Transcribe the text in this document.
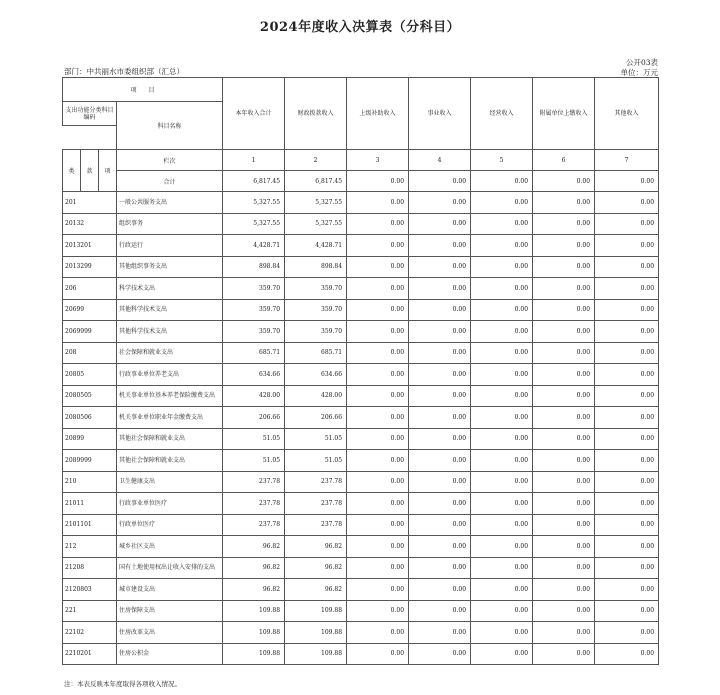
2024年度收入决算表（分科目）
公开03表
单位：万元
部门：中共丽水市委组织部（汇总）
项　　目				本年收入合计	财政拨款收入	上级补助收入	事业收入	经营收入	附属单位上缴收入	其他收入
支出功能分类科目编码			科目名称							

类	款	项	栏次	1	2	3	4	5	6	7
			合计	6,817.45	6,817.45	0.00	0.00	0.00	0.00	0.00
201			一般公共服务支出	5,327.55	5,327.55	0.00	0.00	0.00	0.00	0.00
20132			组织事务	5,327.55	5,327.55	0.00	0.00	0.00	0.00	0.00
2013201			行政运行	4,428.71	4,428.71	0.00	0.00	0.00	0.00	0.00
2013299			其他组织事务支出	898.84	898.84	0.00	0.00	0.00	0.00	0.00
206			科学技术支出	359.70	359.70	0.00	0.00	0.00	0.00	0.00
20699			其他科学技术支出	359.70	359.70	0.00	0.00	0.00	0.00	0.00
2069999			其他科学技术支出	359.70	359.70	0.00	0.00	0.00	0.00	0.00
208			社会保障和就业支出	685.71	685.71	0.00	0.00	0.00	0.00	0.00
20805			行政事业单位养老支出	634.66	634.66	0.00	0.00	0.00	0.00	0.00
2080505			机关事业单位基本养老保险缴费支出	428.00	428.00	0.00	0.00	0.00	0.00	0.00
2080506			机关事业单位职业年金缴费支出	206.66	206.66	0.00	0.00	0.00	0.00	0.00
20899			其他社会保障和就业支出	51.05	51.05	0.00	0.00	0.00	0.00	0.00
2089999			其他社会保障和就业支出	51.05	51.05	0.00	0.00	0.00	0.00	0.00
210			卫生健康支出	237.78	237.78	0.00	0.00	0.00	0.00	0.00
21011			行政事业单位医疗	237.78	237.78	0.00	0.00	0.00	0.00	0.00
2101101			行政单位医疗	237.78	237.78	0.00	0.00	0.00	0.00	0.00
212			城乡社区支出	96.82	96.82	0.00	0.00	0.00	0.00	0.00
21208			国有土地使用权出让收入安排的支出	96.82	96.82	0.00	0.00	0.00	0.00	0.00
2120803			城市建设支出	96.82	96.82	0.00	0.00	0.00	0.00	0.00
221			住房保障支出	109.88	109.88	0.00	0.00	0.00	0.00	0.00
22102			住房改革支出	109.88	109.88	0.00	0.00	0.00	0.00	0.00
2210201			住房公积金	109.88	109.88	0.00	0.00	0.00	0.00	0.00
注：本表反映本年度取得各项收入情况。
